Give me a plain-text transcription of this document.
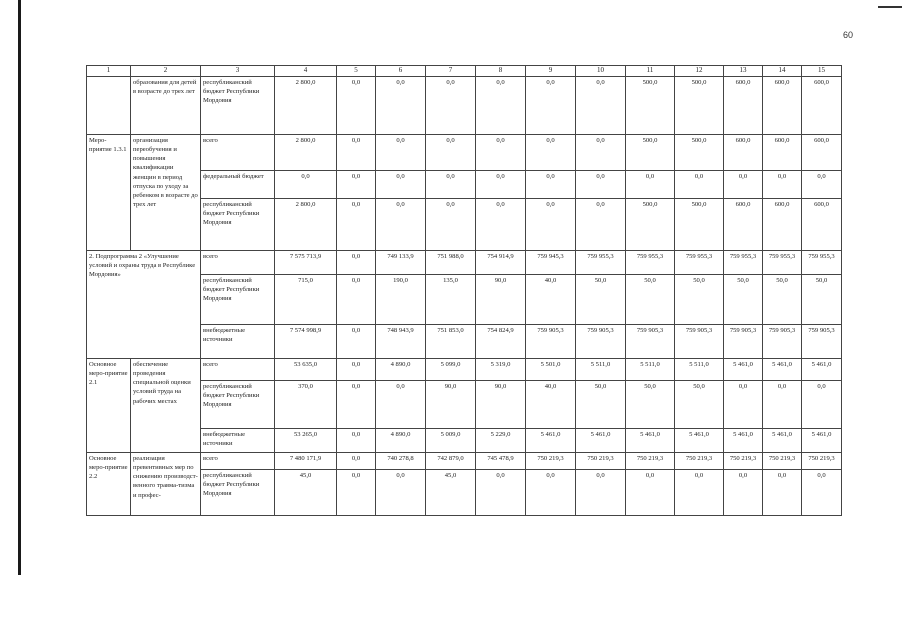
60
1	2	3	4	5	6	7	8	9	10	11	12	13	14	15
	образования для детей в возрасте до трех лет	республиканский бюджет Республики Мордовия	2 800,0	0,0	0,0	0,0	0,0	0,0	0,0	500,0	500,0	600,0	600,0	600,0
Меро-приятие 1.3.1	организация переобучения и повышения квалификации женщин в период отпуска по уходу за ребенком в возрасте до трех лет	всего	2 800,0	0,0	0,0	0,0	0,0	0,0	0,0	500,0	500,0	600,0	600,0	600,0
		федеральный бюджет	0,0	0,0	0,0	0,0	0,0	0,0	0,0	0,0	0,0	0,0	0,0	0,0
		республиканский бюджет Республики Мордовия	2 800,0	0,0	0,0	0,0	0,0	0,0	0,0	500,0	500,0	600,0	600,0	600,0
2. Подпрограмма 2 «Улучшение условий и охраны труда в Республике Мордовия»		всего	7 575 713,9	0,0	749 133,9	751 988,0	754 914,9	759 945,3	759 955,3	759 955,3	759 955,3	759 955,3	759 955,3	759 955,3
		республиканский бюджет Республики Мордовия	715,0	0,0	190,0	135,0	90,0	40,0	50,0	50,0	50,0	50,0	50,0	50,0
		внебюджетные источники	7 574 998,9	0,0	748 943,9	751 853,0	754 824,9	759 905,3	759 905,3	759 905,3	759 905,3	759 905,3	759 905,3	759 905,3
Основное меро-приятие 2.1	обеспечение проведения специальной оценки условий труда на рабочих местах	всего	53 635,0	0,0	4 890,0	5 099,0	5 319,0	5 501,0	5 511,0	5 511,0	5 511,0	5 461,0	5 461,0	5 461,0
		республиканский бюджет Республики Мордовия	370,0	0,0	0,0	90,0	90,0	40,0	50,0	50,0	50,0	0,0	0,0	0,0
		внебюджетные источники	53 265,0	0,0	4 890,0	5 009,0	5 229,0	5 461,0	5 461,0	5 461,0	5 461,0	5 461,0	5 461,0	5 461,0
Основное меро-приятие 2.2	реализация превентивных мер по снижению производст-венного травма-тизма и профес-	всего	7 480 171,9	0,0	740 278,8	742 879,0	745 478,9	750 219,3	750 219,3	750 219,3	750 219,3	750 219,3	750 219,3	750 219,3
		республиканский бюджет Республики Мордовия	45,0	0,0	0,0	45,0	0,0	0,0	0,0	0,0	0,0	0,0	0,0	0,0
